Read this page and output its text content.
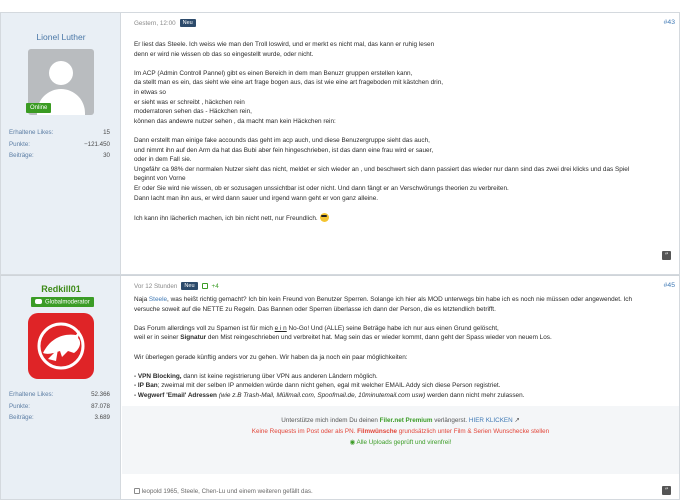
Lionel Luther
Online
Erhaltene Likes:	15
Punkte:	−121.450
Beiträge:	30
Gestern, 12:00	Neu	#43

Er liest das Steele. Ich weiss wie man den Troll loswird, und er merkt es nicht mal, das kann er ruhig lesen
denn er wird nie wissen ob das so eingestellt wurde, oder nicht.

Im ACP (Admin Controll Pannel) gibt es einen Bereich in dem man Benuzr gruppen erstellen kann,
da stellt man es ein, das sieht wie eine art frage bogen aus, das ist wie eine art frageboden mit kästchen drin,
in etwas so
er sieht was er schreibt , häckchen rein
moderratoren sehen das - Häckchen rein,
können das andewre nutzer sehen , da macht man kein Häckchen rein:

Dann erstellt man einige fake accounds das geht im acp auch, und diese Benuzergruppe sieht das auch,
und nimmt ihn auf den Arm da hat das Bubi aber fein hingeschrieben, ist das dann eine frau wird er sauer,
oder in dem Fall sie.
Ungefähr ca 98% der normalen Nutzer sieht das nicht, meldet er sich wieder an , und beschwert sich dann passiert das wieder nur dann sind das zwei drei klicks und das Spiel
beginnt von Vorne
Er oder Sie wird nie wissen, ob er sozusagen unssichtbar ist oder nicht. Und dann fängt er an Verschwörungs theorien zu verbreiten.
Dann lacht man ihn aus, er wird dann sauer und irgend wann geht er von ganz alleine.

Ich kann ihn lächerlich machen, ich bin nicht nett, nur Freundlich.

”
Redkill01
Globalmoderator
Erhaltene Likes:	52.366
Punkte:	87.078
Beiträge:	3.689
Vor 12 Stunden	Neu	+4	#45

Naja Steele, was heißt richtig gemacht? Ich bin kein Freund von Benutzer Sperren. Solange ich hier als MOD unterwegs bin habe ich es noch nie müssen oder angewendet. Ich
versuche soweit auf die NETTE zu Regeln. Das Bannen oder Sperren überlasse ich dann der Person, die es letztendlich betrifft.

Das Forum allerdings voll zu Spamen ist für mich e i n No-Go! Und (ALLE) seine Beträge habe ich nur aus einen Grund gelöscht,
weil er in seiner Signatur den Mist reingeschrieben und verbreitet hat. Mag sein das er wieder kommt, dann geht der Spass wieder von neuem Los.

Wir überlegen gerade künftig anders vor zu gehen. Wir haben da ja noch ein paar möglichkeiten:

- VPN Blocking, dann ist keine registrierung über VPN aus anderen Ländern möglich.
- IP Ban; zweimal mit der selben IP anmelden würde dann nicht gehen, egal mit welcher EMAIL Addy sich diese Person registriet.
- Wegwerf 'Email' Adressen (wie z.B Trash-Mail, Müllmail.com, Spoofmail.de, 10minutemail.com usw) werden dann nicht mehr zulassen.

Unterstütze mich indem Du deinen Filer.net Premium verlängerst. HIER KLICKEN ↗
Keine Requests im Post oder als PN. Filmwünsche grundsätzlich unter Film & Serien Wunschecke stellen
◉ Alle Uploads geprüft und virenfrei!
leopold 1965, Steele, Chen-Lu und einem weiteren gefällt das.	”
